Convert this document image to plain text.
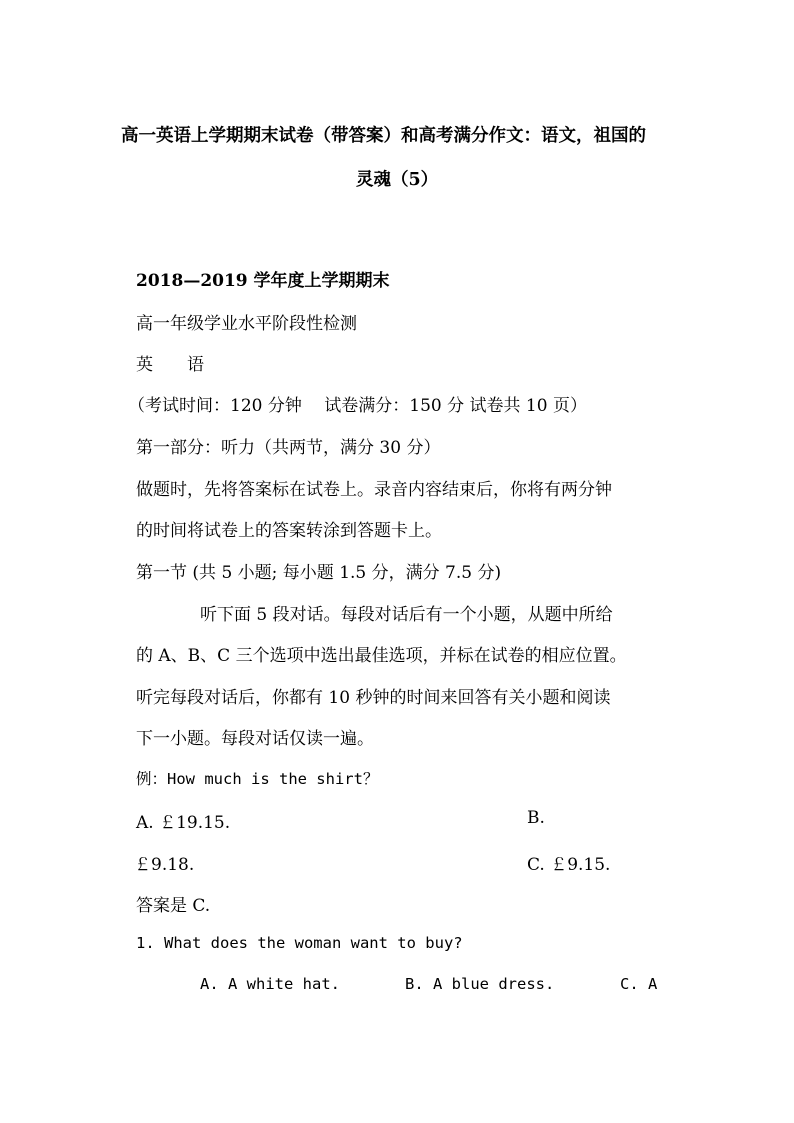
高一英语上学期期末试卷（带答案）和高考满分作文：语文，祖国的
灵魂（5）
2018—2019 学年度上学期期末
高一年级学业水平阶段性检测
英　　语
（考试时间：120 分钟　 试卷满分：150 分 试卷共 10 页）
第一部分：听力（共两节，满分 30 分）
做题时，先将答案标在试卷上。录音内容结束后，你将有两分钟
的时间将试卷上的答案转涂到答题卡上。
第一节 (共 5 小题; 每小题 1.5 分，满分 7.5 分)
听下面 5 段对话。每段对话后有一个小题，从题中所给
的 A、B、C 三个选项中选出最佳选项，并标在试卷的相应位置。
听完每段对话后，你都有 10 秒钟的时间来回答有关小题和阅读
下一小题。每段对话仅读一遍。
例：How much is the shirt？
A. ￡19.15.	B.
￡9.18.	C. ￡9.15.
答案是 C.
1. What does the woman want to buy?
A. A white hat.	B. A blue dress.	C. A
